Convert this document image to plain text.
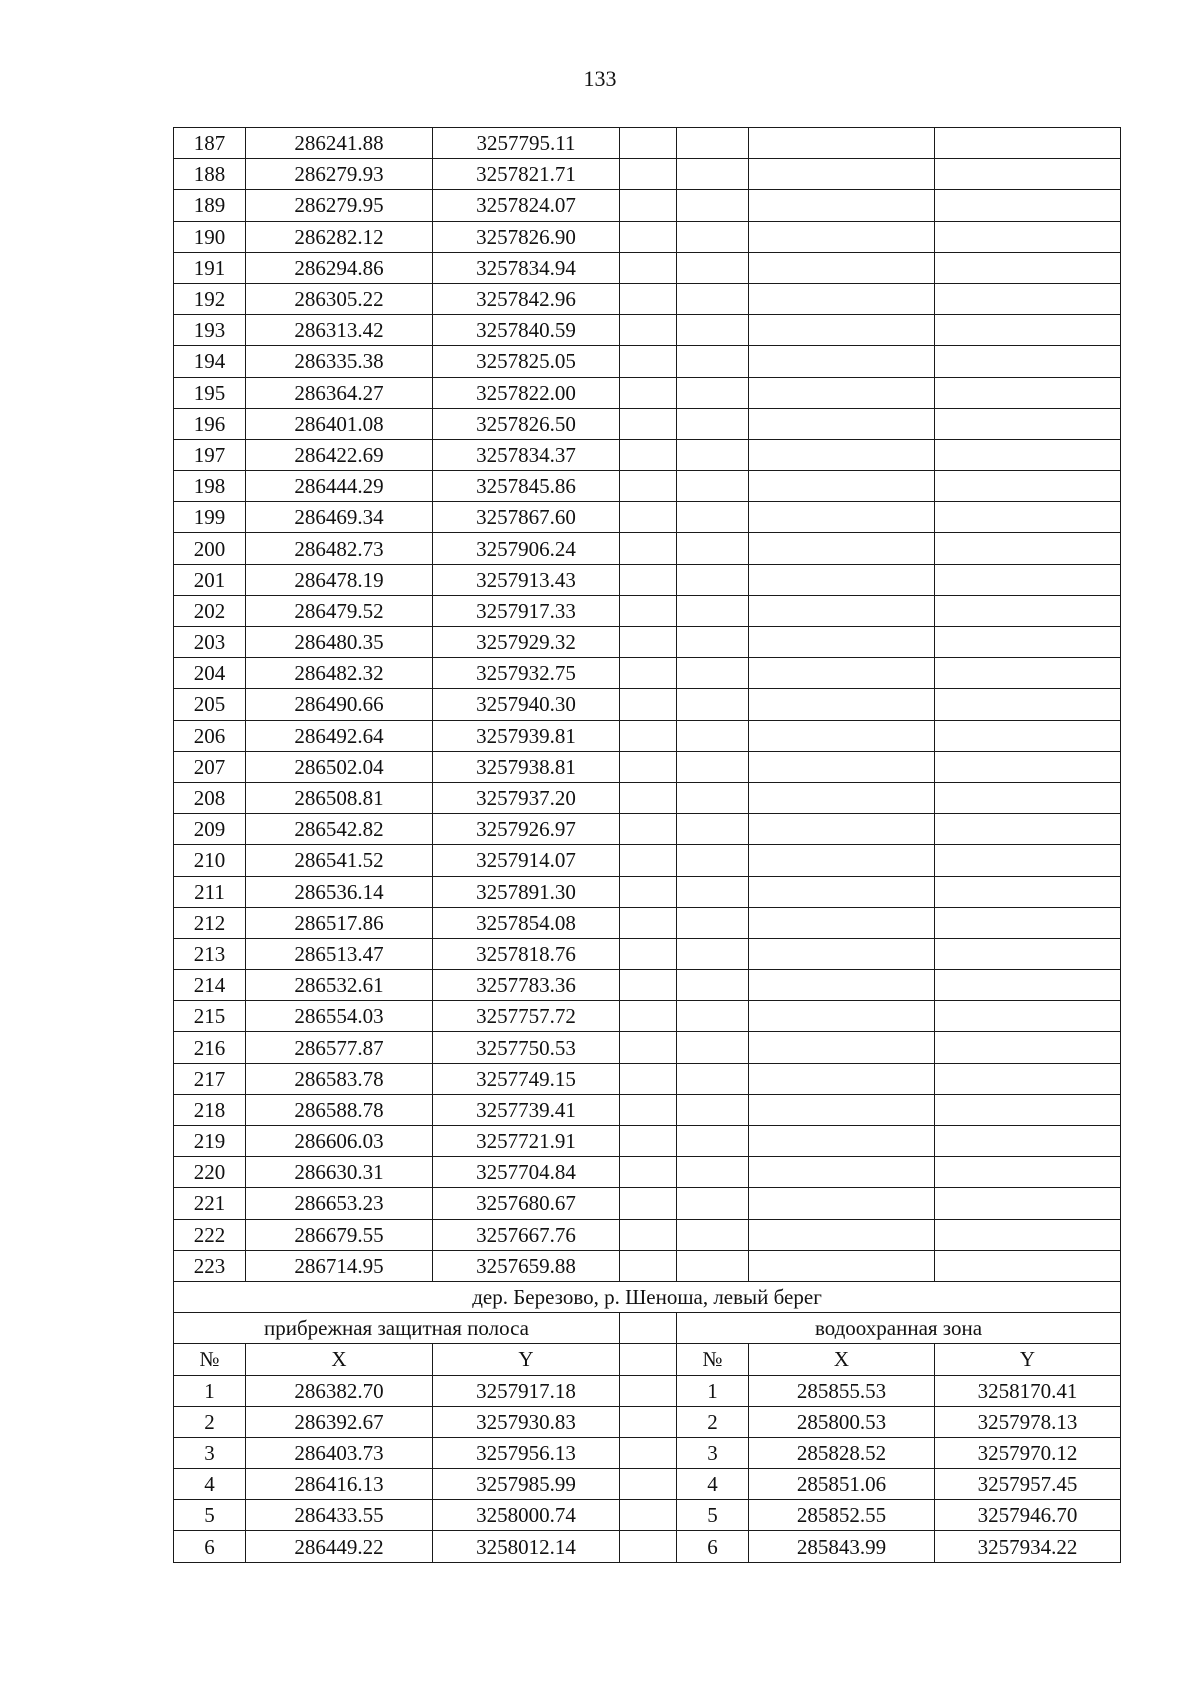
133
187	286241.88	3257795.11				
188	286279.93	3257821.71				
189	286279.95	3257824.07				
190	286282.12	3257826.90				
191	286294.86	3257834.94				
192	286305.22	3257842.96				
193	286313.42	3257840.59				
194	286335.38	3257825.05				
195	286364.27	3257822.00				
196	286401.08	3257826.50				
197	286422.69	3257834.37				
198	286444.29	3257845.86				
199	286469.34	3257867.60				
200	286482.73	3257906.24				
201	286478.19	3257913.43				
202	286479.52	3257917.33				
203	286480.35	3257929.32				
204	286482.32	3257932.75				
205	286490.66	3257940.30				
206	286492.64	3257939.81				
207	286502.04	3257938.81				
208	286508.81	3257937.20				
209	286542.82	3257926.97				
210	286541.52	3257914.07				
211	286536.14	3257891.30				
212	286517.86	3257854.08				
213	286513.47	3257818.76				
214	286532.61	3257783.36				
215	286554.03	3257757.72				
216	286577.87	3257750.53				
217	286583.78	3257749.15				
218	286588.78	3257739.41				
219	286606.03	3257721.91				
220	286630.31	3257704.84				
221	286653.23	3257680.67				
222	286679.55	3257667.76				
223	286714.95	3257659.88				
дер. Березово, р. Шеноша, левый берег						
прибрежная защитная полоса				водоохранная зона		
№	X	Y		№	X	Y
1	286382.70	3257917.18		1	285855.53	3258170.41
2	286392.67	3257930.83		2	285800.53	3257978.13
3	286403.73	3257956.13		3	285828.52	3257970.12
4	286416.13	3257985.99		4	285851.06	3257957.45
5	286433.55	3258000.74		5	285852.55	3257946.70
6	286449.22	3258012.14		6	285843.99	3257934.22
